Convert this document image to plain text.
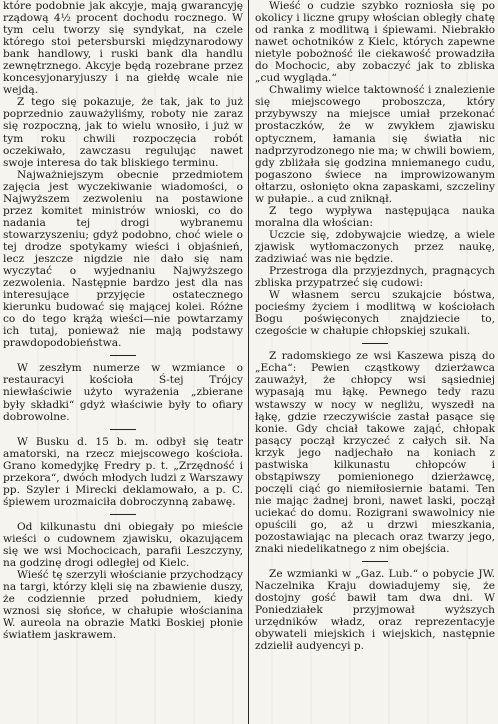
które podobnie jak akcyje, mają gwarancyję rządową 4½ procent dochodu rocznego. W tym celu tworzy się syndykat, na czele którego stoi petersburski międzynarodowy bank handlowy, i ruski bank dla handlu zewnętrznego. Akcyje będą rozebrane przez koncesyjonaryjuszy i na giełdę wcale nie wejdą.

Z tego się pokazuje, że tak, jak to już poprzednio zauważyliśmy, roboty nie zaraz się rozpoczną, jak to wielu wnosiło, i już w tym roku chwili rozpoczęcia robót oczekiwało, zawczasu regulując nawet swoje interesa do tak bliskiego terminu.

Najważniejszym obecnie przedmiotem zajęcia jest wyczekiwanie wiadomości, o Najwyższem zezwoleniu na postawione przez komitet ministrów wnioski, co do nadania tej drogi wybranemu stowarzyszeniu; gdyż podobno, choć wiele o tej drodze spotykamy wieści i objaśnień, lecz jeszcze nigdzie nie dało się nam wyczytać o wyjednaniu Najwyższego zezwolenia. Następnie bardzo jest dla nas interesujące przyjęcie ostatecznego kierunku budować się mającej kolei. Różne co do tego krążą wieści—nie powtarzamy ich tutaj, ponieważ nie mają podstawy prawdopodobieństwa.

W zeszłym numerze w wzmiance o restauracyi kościoła Ś-tej Trójcy niewłaściwie użyto wyrażenia „zbierane były składki“ gdyż właściwie były to ofiary dobrowolne.

W Busku d. 15 b. m. odbył się teatr amatorski, na rzecz miejscowego kościoła. Grano komedyjkę Fredry p. t. „Zrzędność i przekora“, dwóch młodych ludzi z Warszawy pp. Szyler i Mirecki deklamowało, a p. C. śpiewem urozmaiciła dobroczynną zabawę.

Od kilkunastu dni obiegały po mieście wieści o cudownem zjawisku, okazującem się we wsi Mochocicach, parafii Leszczyny, na godzinę drogi odległej od Kielc.

Wieść tę szerzyli włościanie przychodzący na targi, którzy klęli się na zbawienie duszy, że codziennie przed południem, kiedy wznosi się słońce, w chałupie włościanina W. aureola na obrazie Matki Boskiej płonie światłem jaskrawem.

Wieść o cudzie szybko rozniosła się po okolicy i liczne grupy włościan obległy chatę od ranka z modlitwą i śpiewami. Niebrakło nawet ochotników z Kielc, których zapewne nietyle pobożność ile ciekawość prowadziła do Mochocic, aby zobaczyć jak to zbliska „cud wygląda.“

Chwalimy wielce taktowność i znalezienie się miejscowego proboszcza, który przybywszy na miejsce umiał przekonać prostaczków, że w zwykłem zjawisku optycznem, łamania się światła nic nadprzyrodzonego nie ma; w chwili bowiem, gdy zbliżała się godzina mniemanego cudu, pogaszono świece na improwizowanym ołtarzu, osłonięto okna zapaskami, szczeliny w pułapie.. a cud zniknął.

Z tego wypływa następująca nauka moralna dla włościan:

Uczcie się, zdobywajcie wiedzę, a wiele zjawisk wytłomaczonych przez naukę, zadziwiać was nie będzie.

Przestroga dla przyjezdnych, pragnących zbliska przypatrzeć się cudowi:

W własnem sercu szukajcie bóstwa, pocieśmy życiem i modlitwą w kościołach Bogu poświęconych znajdziecie to, czegoście w chałupie chłopskiej szukali.

Z radomskiego ze wsi Kaszewa piszą do „Echa“: Pewien cząstkowy dzierżawca zauważył, że chłopcy wsi sąsiedniej wypasają mu łąkę. Pewnego tedy razu wstawszy w nocy w negliżu, wyszedł na łąkę, gdzie rzeczywiście zastał pasące się konie. Gdy chciał takowe zająć, chłopak pasący począł krzyczeć z całych sił. Na krzyk jego nadjechało na koniach z pastwiska kilkunastu chłopców i obstąpiwszy pomienionego dzierżawcę, poczęli ciąć go niemiłosiernie batami. Ten nie mając żadnej broni, nawet laski, począł uciekać do domu. Rozigrani swawolnicy nie opuścili go, aż u drzwi mieszkania, pozostawiając na plecach oraz twarzy jego, znaki niedelikatnego z nim obejścia.

Ze wzmianki w „Gaz. Lub.“ o pobycie JW. Naczelnika Kraju dowiadujemy się, że dostojny gość bawił tam dwa dni. W Poniedziałek przyjmował wyższych urzędników władz, oraz reprezentacyje obywateli miejskich i wiejskich, następnie zdzielił audyencyi p.
